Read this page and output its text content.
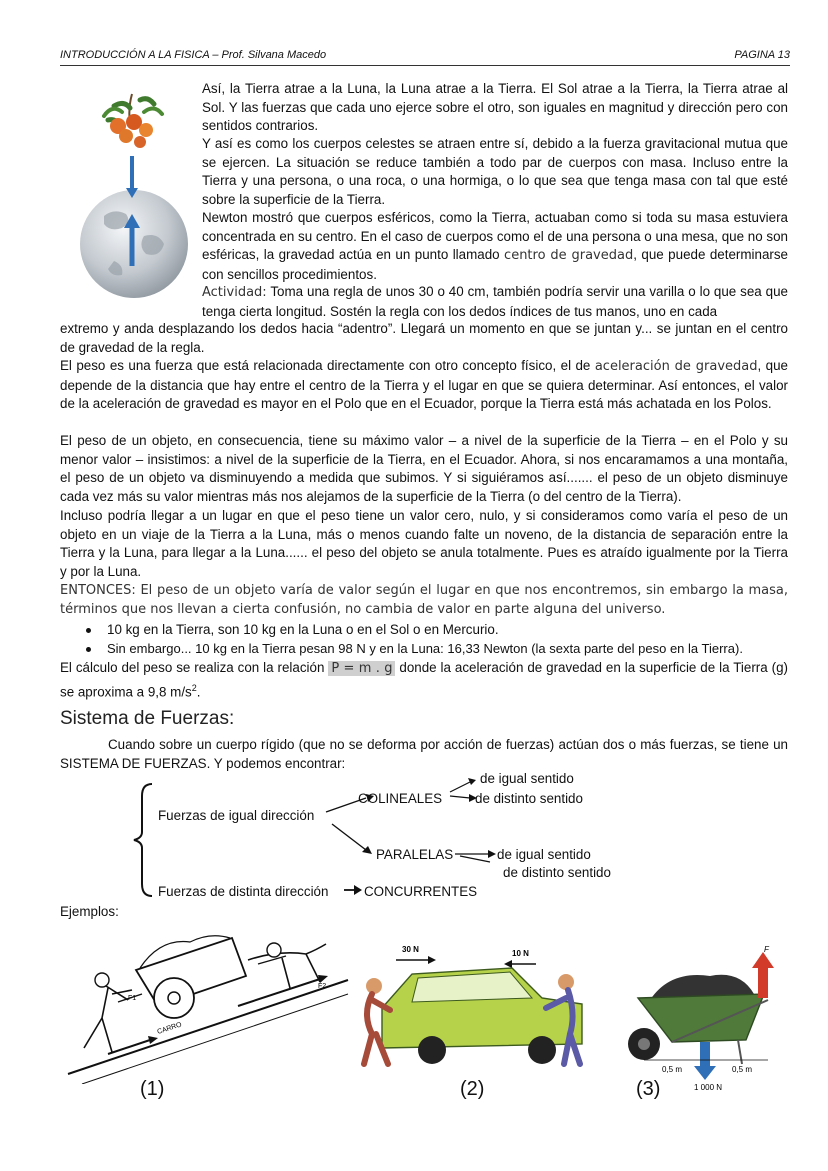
INTRODUCCIÓN A LA FISICA – Prof. Silvana Macedo	PAGINA 13

Así, la Tierra atrae a la Luna, la Luna atrae a la Tierra. El Sol atrae a la Tierra, la Tierra atrae al Sol. Y las fuerzas que cada uno ejerce sobre el otro, son iguales en magnitud y dirección pero con sentidos contrarios.

Y así es como los cuerpos celestes se atraen entre sí, debido a la fuerza gravitacional mutua que se ejercen. La situación se reduce también a todo par de cuerpos con masa. Incluso entre la Tierra y una persona, o una roca, o una hormiga, o lo que sea que tenga masa con tal que esté sobre la superficie de la Tierra.

Newton mostró que cuerpos esféricos, como la Tierra, actuaban como si toda su masa estuviera concentrada en su centro. En el caso de cuerpos como el de una persona o una mesa, que no son esféricas, la gravedad actúa en un punto llamado centro de gravedad, que puede determinarse con sencillos procedimientos.

Actividad: Toma una regla de unos 30 o 40 cm, también podría servir una varilla o lo que sea que tenga cierta longitud. Sostén la regla con los dedos índices de tus manos, uno en cada

extremo y anda desplazando los dedos hacia “adentro”. Llegará un momento en que se juntan y... se juntan en el centro de gravedad de la regla.

El peso es una fuerza que está relacionada directamente con otro concepto físico, el de aceleración de gravedad, que depende de la distancia que hay entre el centro de la Tierra y el lugar en que se quiera determinar. Así entonces, el valor de la aceleración de gravedad es mayor en el Polo que en el Ecuador, porque la Tierra está más achatada en los Polos.

El peso de un objeto, en consecuencia, tiene su máximo valor – a nivel de la superficie de la Tierra – en el Polo y su menor valor – insistimos: a nivel de la superficie de la Tierra, en el Ecuador. Ahora, si nos encaramamos a una montaña, el peso de un objeto va disminuyendo a medida que subimos. Y si siguiéramos así....... el peso de un objeto disminuye cada vez más su valor mientras más nos alejamos de la superficie de la Tierra (o del centro de la Tierra).

Incluso podría llegar a un lugar en que el peso tiene un valor cero, nulo, y si consideramos como varía el peso de un objeto en un viaje de la Tierra a la Luna, más o menos cuando falte un noveno, de la distancia de separación entre la Tierra y la Luna, para llegar a la Luna...... el peso del objeto se anula totalmente. Pues es atraído igualmente por la Tierra y por la Luna.

ENTONCES: El peso de un objeto varía de valor según el lugar en que nos encontremos, sin embargo la masa, términos que nos llevan a cierta confusión, no cambia de valor en parte alguna del universo.

10 kg en la Tierra, son 10 kg en la Luna o en el Sol o en Mercurio.
Sin embargo... 10 kg en la Tierra pesan 98 N y en la Luna: 16,33 Newton (la sexta parte del peso en la Tierra).

El cálculo del peso se realiza con la relación P = m . g donde la aceleración de gravedad en la superficie de la Tierra (g) se aproxima a 9,8 $m/s^2$.

Sistema de Fuerzas:

Cuando sobre un cuerpo rígido (que no se deforma por acción de fuerzas) actúan dos o más fuerzas, se tiene un SISTEMA DE FUERZAS. Y podemos encontrar:

Fuerzas de igual dirección
COLINEALES
de igual sentido
de distinto sentido
PARALELAS	de igual sentido
de distinto sentido
Fuerzas de distinta dirección	CONCURRENTES
Ejemplos:
CARRO
F1
F2
30 N	10 N	F
0,5 m	0,5 m
1 000 N
(1)	(2)	(3)
